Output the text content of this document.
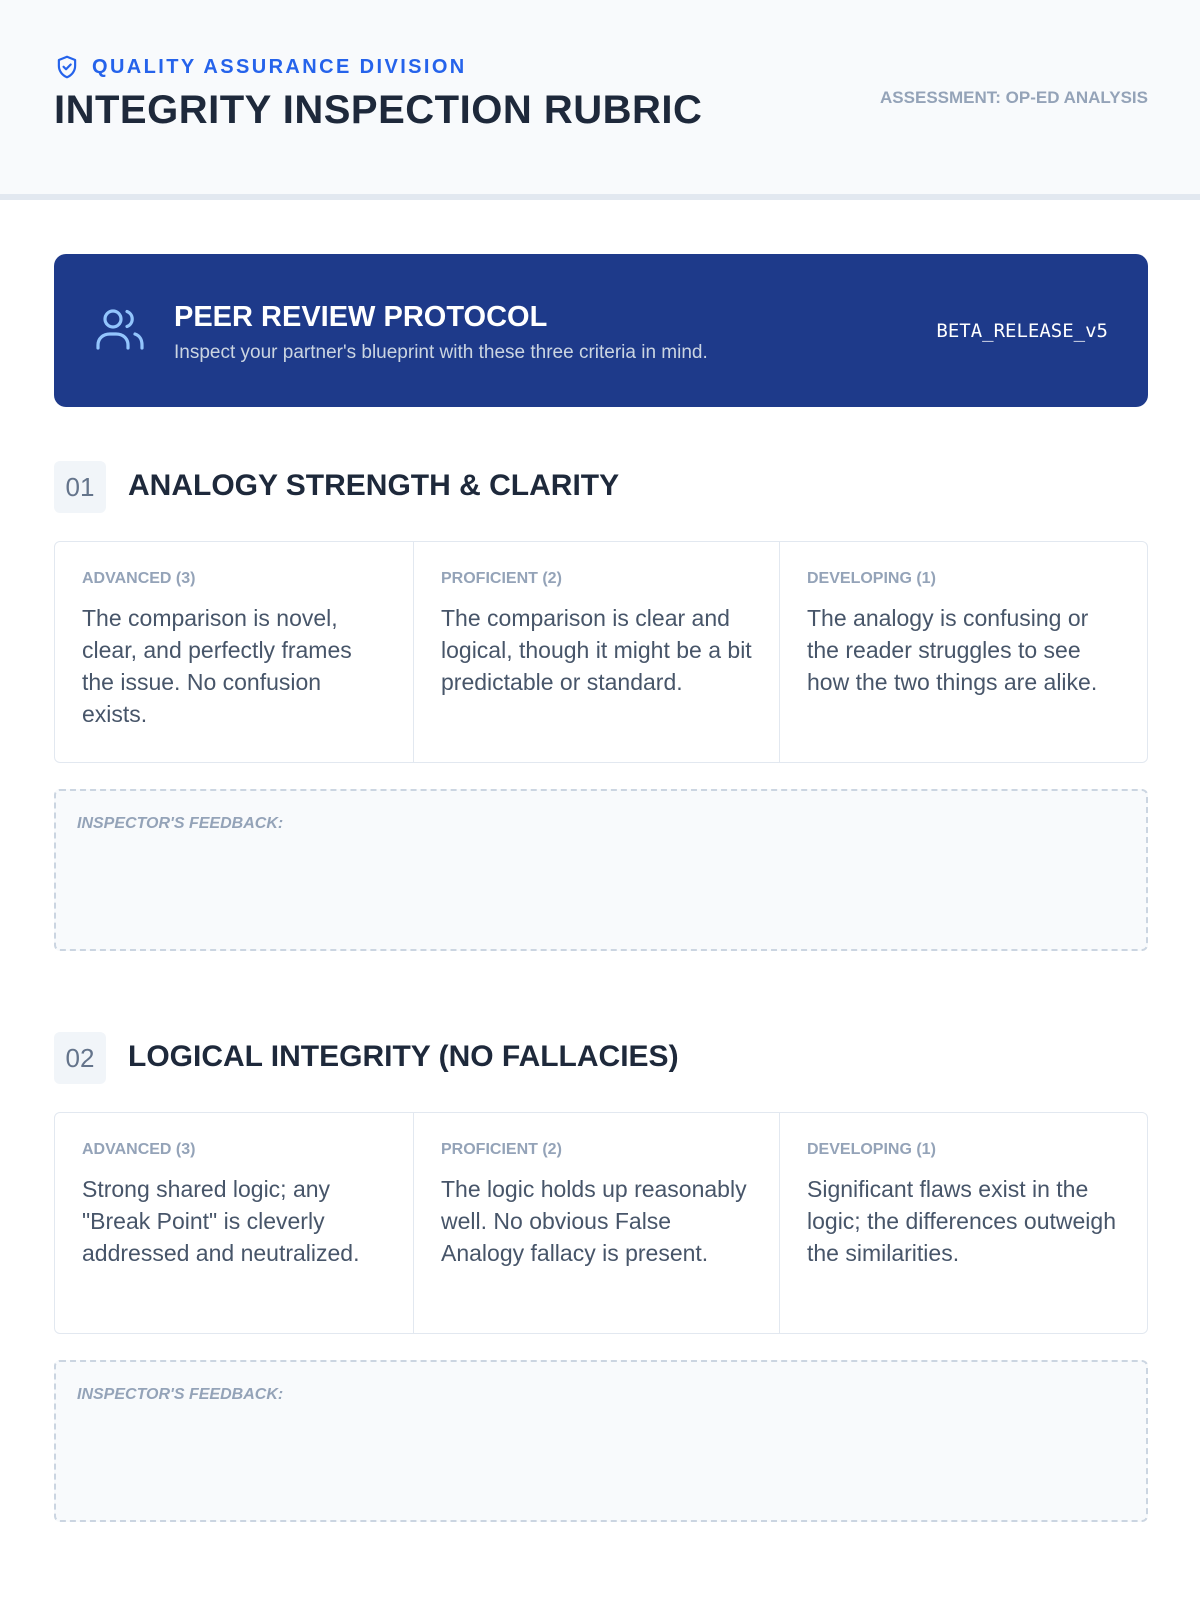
QUALITY ASSURANCE DIVISION
INTEGRITY INSPECTION RUBRIC	ASSESSMENT: OP-ED ANALYSIS
PEER REVIEW PROTOCOL
Inspect your partner's blueprint with these three criteria in mind.
BETA_RELEASE_v5
01	ANALOGY STRENGTH & CLARITY
ADVANCED (3)
The comparison is novel, clear, and perfectly frames the issue. No confusion exists.
PROFICIENT (2)
The comparison is clear and logical, though it might be a bit predictable or standard.
DEVELOPING (1)
The analogy is confusing or the reader struggles to see how the two things are alike.
INSPECTOR'S FEEDBACK:
02	LOGICAL INTEGRITY (NO FALLACIES)
ADVANCED (3)
Strong shared logic; any "Break Point" is cleverly addressed and neutralized.
PROFICIENT (2)
The logic holds up reasonably well. No obvious False Analogy fallacy is present.
DEVELOPING (1)
Significant flaws exist in the logic; the differences outweigh the similarities.
INSPECTOR'S FEEDBACK:
